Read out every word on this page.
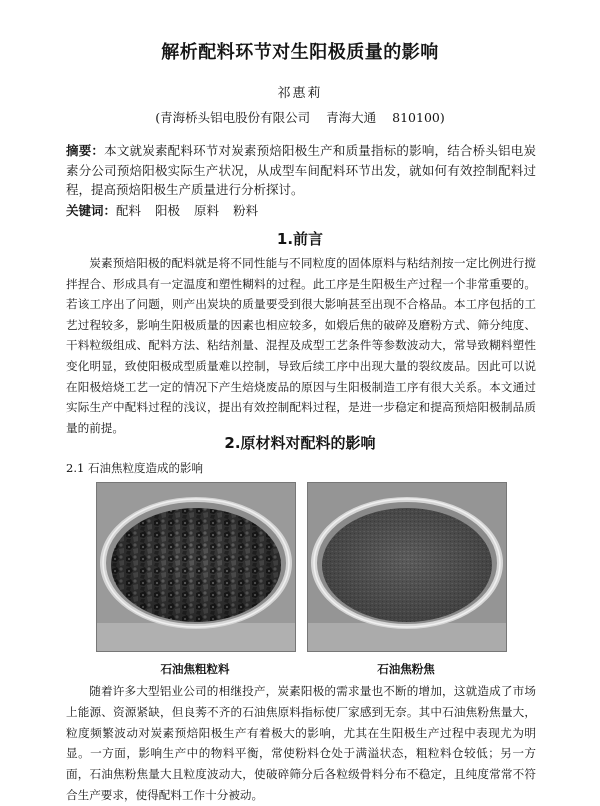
解析配料环节对生阳极质量的影响
祁惠莉
(青海桥头铝电股份有限公司 青海大通 810100)
摘要：本文就炭素配料环节对炭素预焙阳极生产和质量指标的影响，结合桥头铝电炭素分公司预焙阳极实际生产状况，从成型车间配料环节出发，就如何有效控制配料过程，提高预焙阳极生产质量进行分析探讨。
关键词：配料 阳极 原料 粉料
1.前言
炭素预焙阳极的配料就是将不同性能与不同粒度的固体原料与粘结剂按一定比例进行搅拌捏合、形成具有一定温度和塑性糊料的过程。此工序是生阳极生产过程一个非常重要的。若该工序出了问题，则产出炭块的质量要受到很大影响甚至出现不合格品。本工序包括的工艺过程较多，影响生阳极质量的因素也相应较多，如煅后焦的破碎及磨粉方式、筛分纯度、干料粒级组成、配料方法、粘结剂量、混捏及成型工艺条件等参数波动大，常导致糊料塑性变化明显，致使阳极成型质量难以控制，导致后续工序中出现大量的裂纹废品。因此可以说在阳极焙烧工艺一定的情况下产生焙烧废品的原因与生阳极制造工序有很大关系。本文通过实际生产中配料过程的浅议，提出有效控制配料过程，是进一步稳定和提高预焙阳极制品质量的前提。
2.原材料对配料的影响
2.1 石油焦粒度造成的影响
石油焦粗粒料	石油焦粉焦
随着许多大型铝业公司的相继投产，炭素阳极的需求量也不断的增加，这就造成了市场上能源、资源紧缺，但良莠不齐的石油焦原料指标使厂家感到无奈。其中石油焦粉焦量大，粒度频繁波动对炭素预焙阳极生产有着极大的影响，尤其在生阳极生产过程中表现尤为明显。一方面，影响生产中的物料平衡，常使粉料仓处于满溢状态，粗粒料仓较低；另一方面，石油焦粉焦量大且粒度波动大，使破碎筛分后各粒级骨料分布不稳定，且纯度常常不符合生产要求，使得配料工作十分被动。
